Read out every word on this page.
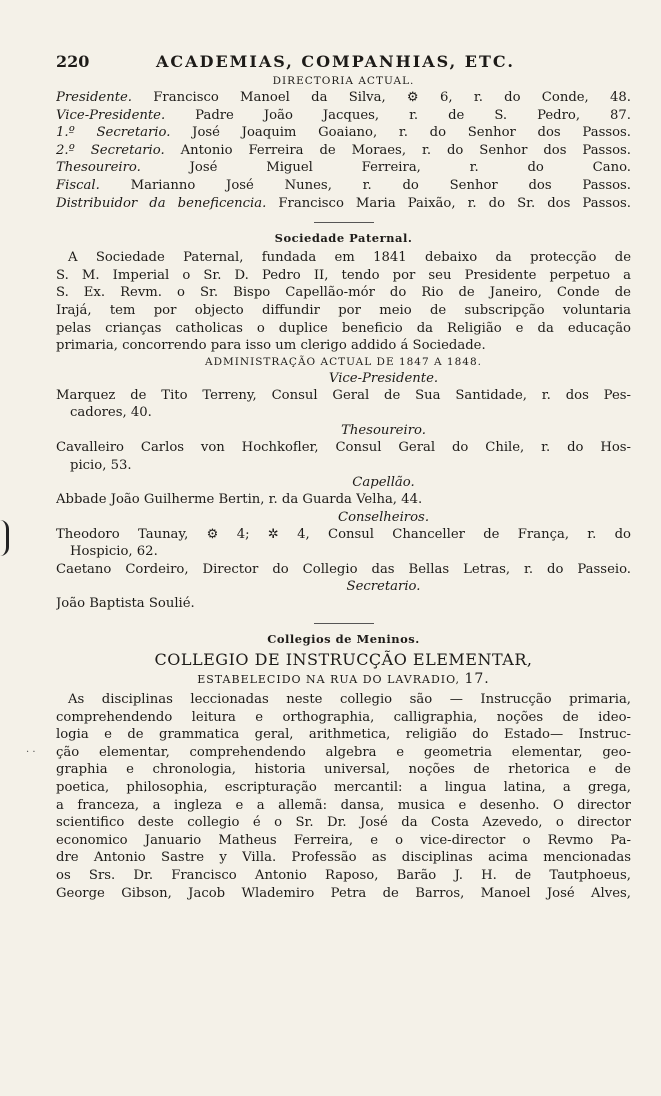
· ·
220	ACADEMIAS, COMPANHIAS, ETC.
DIRECTORIA ACTUAL.
Presidente. Francisco Manoel da Silva, ⚙ 6, r. do Conde, 48.
Vice-Presidente. Padre João Jacques, r. de S. Pedro, 87.
1.º Secretario. José Joaquim Goaiano, r. do Senhor dos Passos.
2.º Secretario. Antonio Ferreira de Moraes, r. do Senhor dos Passos.
Thesoureiro.	José Miguel Ferreira, r. do Cano.
Fiscal. Marianno José Nunes, r. do Senhor dos Passos.
Distribuidor da beneficencia. Francisco Maria Paixão, r. do Sr. dos Passos.
Sociedade Paternal.
A Sociedade Paternal, fundada em 1841 debaixo da protecção de
S. M. Imperial o Sr. D. Pedro II, tendo por seu Presidente perpetuo a
S. Ex. Revm. o Sr. Bispo Capellão-mór do Rio de Janeiro, Conde de
Irajá, tem por objecto diffundir por meio de subscripção voluntaria
pelas crianças catholicas o duplice beneficio da Religião e da educação
primaria, concorrendo para isso um clerigo addido á Sociedade.
ADMINISTRAÇÃO ACTUAL DE 1847 A 1848.
Vice-Presidente.
Marquez de Tito Terreny, Consul Geral de Sua Santidade, r. dos Pes-
cadores, 40.
Thesoureiro.
Cavalleiro Carlos von Hochkofler, Consul Geral do Chile, r. do Hos-
picio, 53.
Capellão.
Abbade João Guilherme Bertin, r. da Guarda Velha, 44.
Conselheiros.
Theodoro Taunay, ⚙ 4; ✲ 4, Consul Chanceller de França, r. do
Hospicio, 62.
Caetano Cordeiro, Director do Collegio das Bellas Letras, r. do Passeio.
Secretario.
João Baptista Soulié.
Collegios de Meninos.
COLLEGIO DE INSTRUCÇÃO ELEMENTAR,
ESTABELECIDO NA RUA DO LAVRADIO, 17.
As disciplinas leccionadas neste collegio são — Instrucção primaria,
comprehendendo leitura e orthographia, calligraphia, noções de ideo-
logia e de grammatica geral, arithmetica, religião do Estado— Instruc-
ção elementar, comprehendendo algebra e geometria elementar, geo-
graphia e chronologia, historia universal, noções de rhetorica e de
poetica, philosophia, escripturação mercantil: a lingua latina, a grega,
a franceza, a ingleza e a allemã: dansa, musica e desenho. O director
scientifico deste collegio é o Sr. Dr. José da Costa Azevedo, o director
economico Januario Matheus Ferreira, e o vice-director o Revmo Pa-
dre Antonio Sastre y Villa. Professão as disciplinas acima mencionadas
os Srs. Dr. Francisco Antonio Raposo, Barão J. H. de Tautphoeus,
George Gibson, Jacob Wlademiro Petra de Barros, Manoel José Alves,
